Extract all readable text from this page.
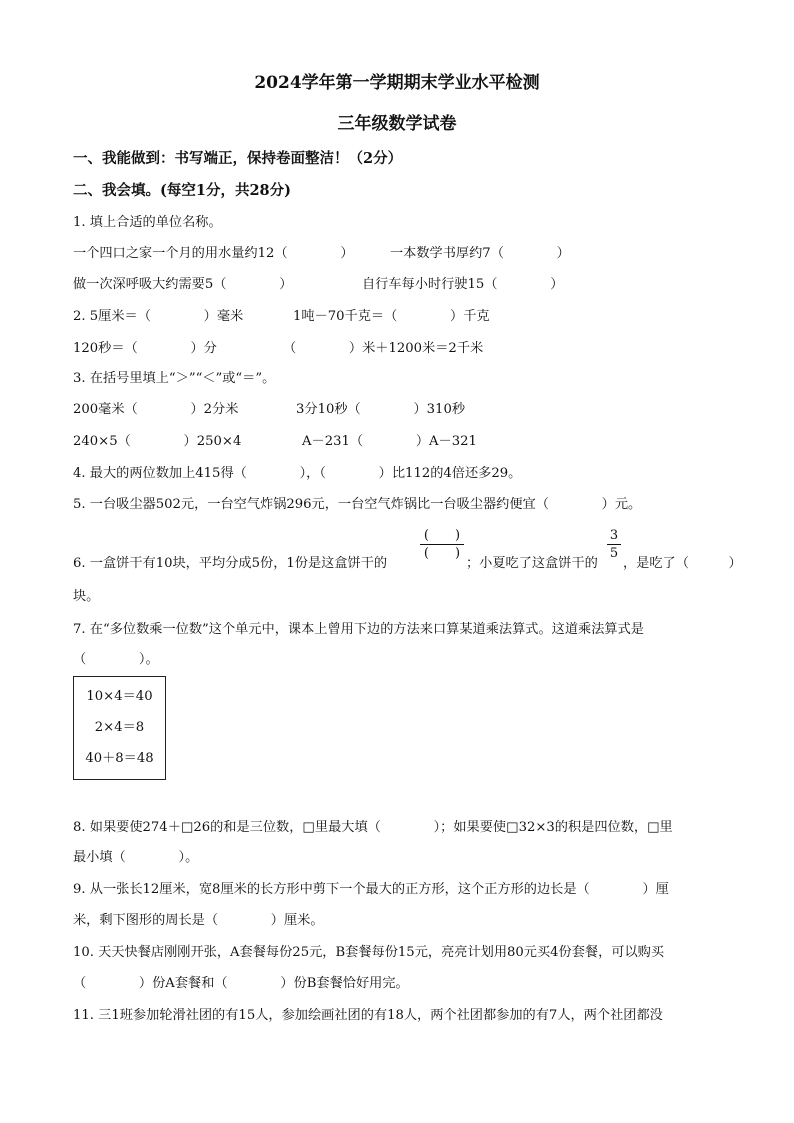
2024学年第一学期期末学业水平检测
三年级数学试卷
一、我能做到：书写端正，保持卷面整洁！（2分）
二、我会填。(每空1分，共28分)
1. 填上合适的单位名称。
一个四口之家一个月的用水量约12（　　　　）	一本数学书厚约7（　　　　）
做一次深呼吸大约需要5（　　　　）	自行车每小时行驶15（　　　　）
2. 5厘米＝（　　　　）毫米	1吨－70千克＝（　　　　）千克
120秒＝（　　　　）分	（　　　　）米＋1200米＝2千米
3. 在括号里填上“＞”“＜”或“＝”。
200毫米（　　　　）2分米	3分10秒（　　　　）310秒
240×5（　　　　）250×4	A－231（　　　　）A－321
4. 最大的两位数加上415得（　　　　），（　　　　）比112的4倍还多29。
5. 一台吸尘器502元，一台空气炸锅296元，一台空气炸锅比一台吸尘器约便宜（　　　　）元。
6. 一盒饼干有10块，平均分成5份，1份是这盒饼干的
(　　)
(　　)
；小夏吃了这盒饼干的
3
5
，是吃了（　　　）
块。
7. 在“多位数乘一位数”这个单元中，课本上曾用下边的方法来口算某道乘法算式。这道乘法算式是
（　　　　）。
10×4＝40
2×4＝8
40＋8＝48
8. 如果要使274＋□26的和是三位数，□里最大填（　　　　）；如果要使□32×3的积是四位数，□里
最小填（　　　　）。
9. 从一张长12厘米，宽8厘米的长方形中剪下一个最大的正方形，这个正方形的边长是（　　　　）厘
米，剩下图形的周长是（　　　　）厘米。
10. 天天快餐店刚刚开张，A套餐每份25元，B套餐每份15元，亮亮计划用80元买4份套餐，可以购买
（　　　　）份A套餐和（　　　　）份B套餐恰好用完。
11. 三1班参加轮滑社团的有15人，参加绘画社团的有18人，两个社团都参加的有7人，两个社团都没
